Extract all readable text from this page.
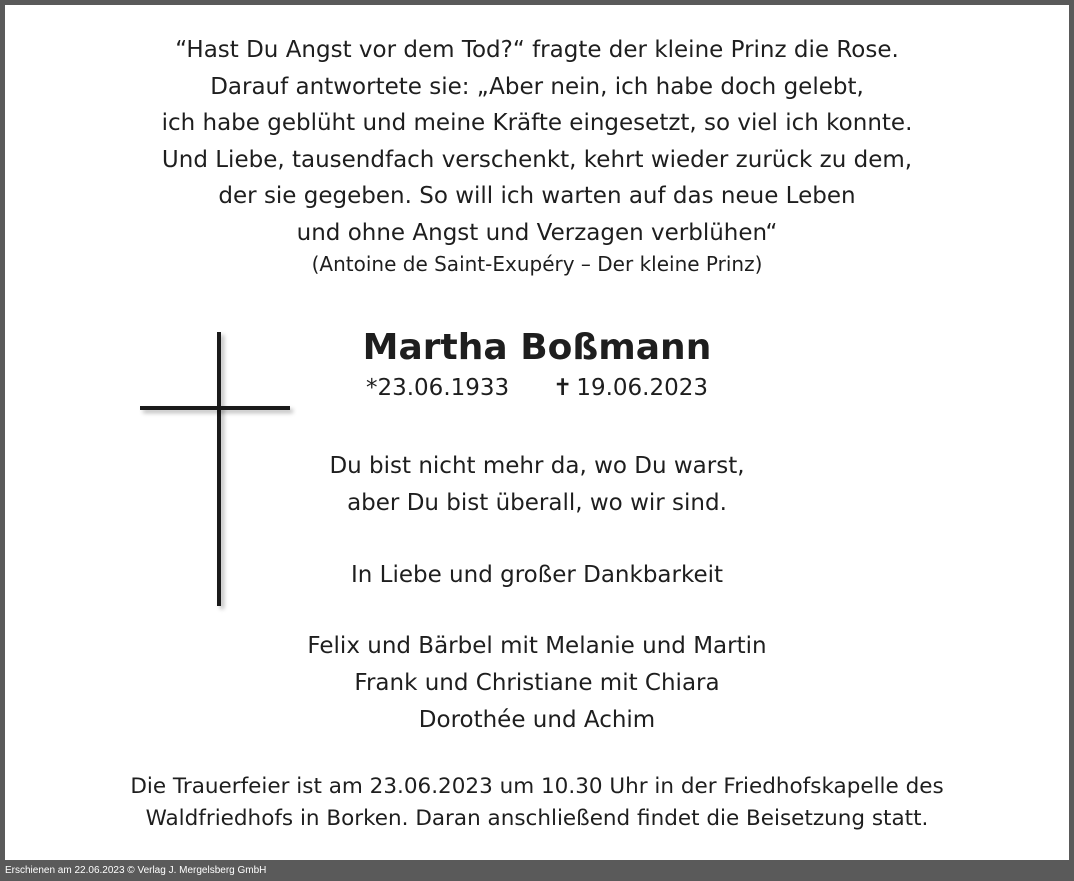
“Hast Du Angst vor dem Tod?“ fragte der kleine Prinz die Rose.
Darauf antwortete sie: „Aber nein, ich habe doch gelebt,
ich habe geblüht und meine Kräfte eingesetzt, so viel ich konnte.
Und Liebe, tausendfach verschenkt, kehrt wieder zurück zu dem,
der sie gegeben. So will ich warten auf das neue Leben
und ohne Angst und Verzagen verblühen“
(Antoine de Saint-Exupéry – Der kleine Prinz)
Martha Boßmann
*23.06.1933 ✝ 19.06.2023
Du bist nicht mehr da, wo Du warst,
aber Du bist überall, wo wir sind.
In Liebe und großer Dankbarkeit
Felix und Bärbel mit Melanie und Martin
Frank und Christiane mit Chiara
Dorothée und Achim
Die Trauerfeier ist am 23.06.2023 um 10.30 Uhr in der Friedhofskapelle des
Waldfriedhofs in Borken. Daran anschließend findet die Beisetzung statt.
Erschienen am 22.06.2023 © Verlag J. Mergelsberg GmbH
